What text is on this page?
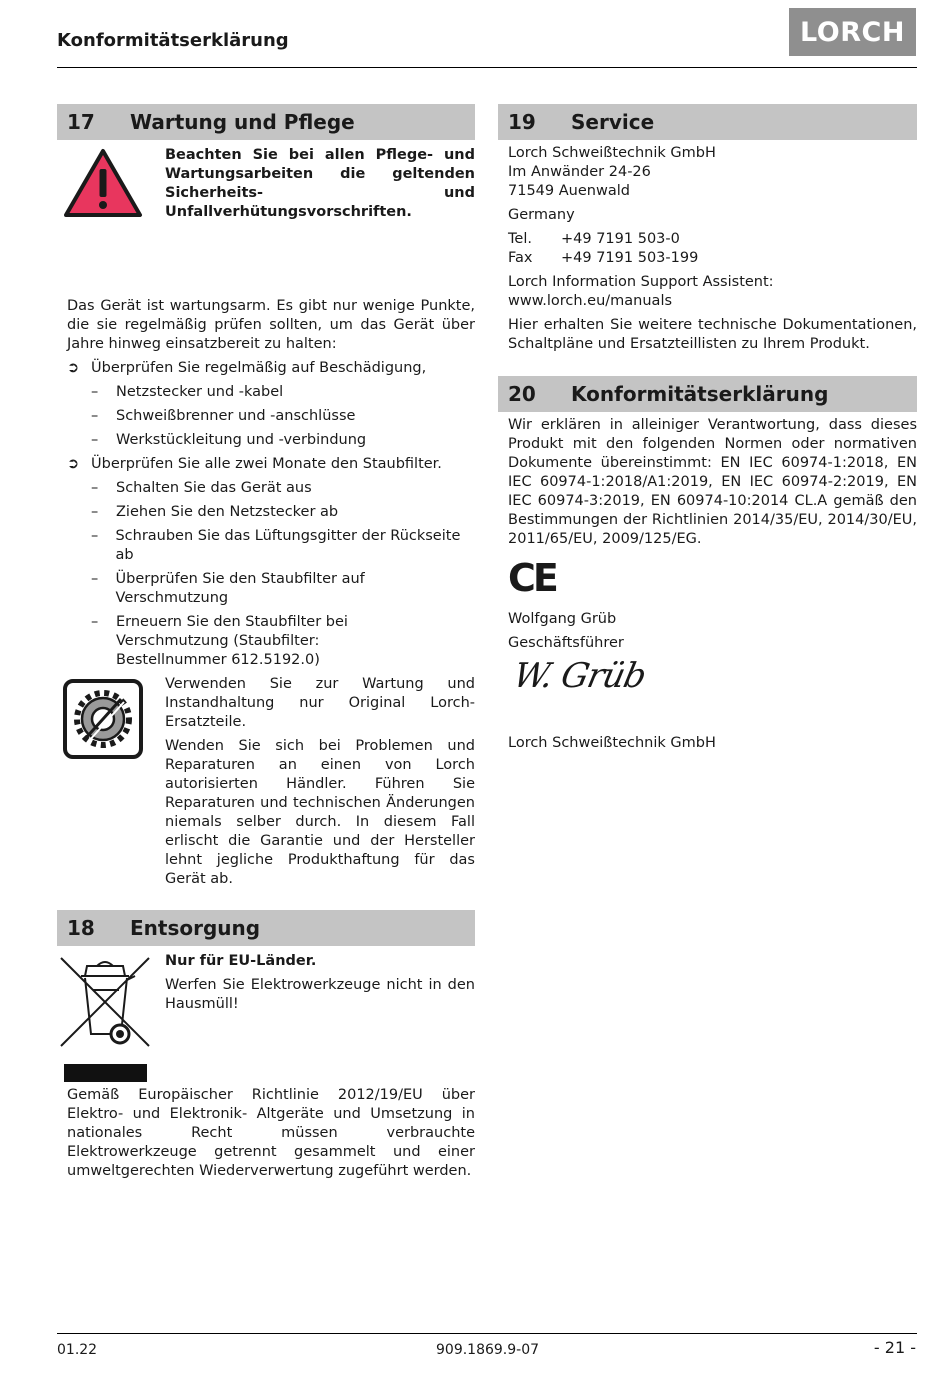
Konformitätserklärung	LORCH
17	Wartung und Pflege
Beachten Sie bei allen Pflege- und Wartungsarbeiten die geltenden Sicherheits- und Unfallverhütungsvorschriften.

Das Gerät ist wartungsarm. Es gibt nur wenige Punkte, die sie regelmäßig prüfen sollten, um das Gerät über Jahre hinweg einsatzbereit zu halten:

➲ Überprüfen Sie regelmäßig auf Beschädigung,
–	Netzstecker und -kabel
–	Schweißbrenner und -anschlüsse
–	Werkstückleitung und -verbindung
➲ Überprüfen Sie alle zwei Monate den Staubfilter.
–	Schalten Sie das Gerät aus
–	Ziehen Sie den Netzstecker ab
–	Schrauben Sie das Lüftungsgitter der Rückseite ab
–	Überprüfen Sie den Staubfilter auf Verschmutzung
–	Erneuern Sie den Staubfilter bei Verschmutzung (Staubfilter: Bestellnummer 612.5192.0)

Verwenden Sie zur Wartung und Instandhaltung nur Original Lorch-Ersatzteile.

Wenden Sie sich bei Problemen und Reparaturen an einen von Lorch autorisierten Händler. Führen Sie Reparaturen und technischen Änderungen niemals selber durch. In diesem Fall erlischt die Garantie und der Hersteller lehnt jegliche Produkthaftung für das Gerät ab.

18	Entsorgung

Nur für EU-Länder.

Werfen Sie Elektrowerkzeuge nicht in den Hausmüll!

Gemäß Europäischer Richtlinie 2012/19/EU über Elektro- und Elektronik- Altgeräte und Umsetzung in nationales Recht müssen verbrauchte Elektrowerkzeuge getrennt gesammelt und einer umweltgerechten Wiederverwertung zugeführt werden.

19	Service

Lorch Schweißtechnik GmbH

Im Anwänder 24-26

71549 Auenwald

Germany

Tel.	+49 7191 503-0
Fax	+49 7191 503-199

Lorch Information Support Assistent:

www.lorch.eu/manuals

Hier erhalten Sie weitere technische Dokumentationen, Schaltpläne und Ersatzteillisten zu Ihrem Produkt.

20	Konformitätserklärung

Wir erklären in alleiniger Verantwortung, dass dieses Produkt mit den folgenden Normen oder normativen Dokumente übereinstimmt: EN IEC 60974-1:2018, EN IEC 60974-1:2018/A1:2019, EN IEC 60974-2:2019, EN IEC 60974-3:2019, EN 60974-10:2014 CL.A gemäß den Bestimmungen der Richtlinien 2014/35/EU, 2014/30/EU, 2011/65/EU, 2009/125/EG.

CE

Wolfgang Grüb

Geschäftsführer

W. Grüb

Lorch Schweißtechnik GmbH

01.22	909.1869.9-07	- 21 -
